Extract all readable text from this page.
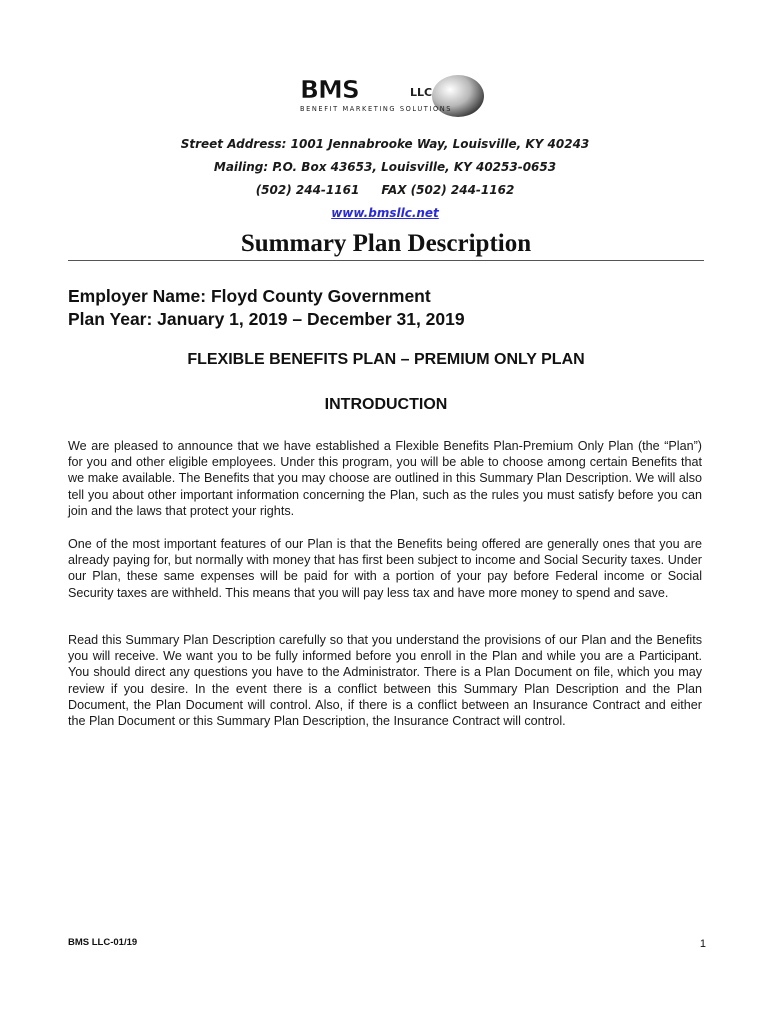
BMS	LLC
BENEFIT MARKETING SOLUTIONS
Street Address: 1001 Jennabrooke Way, Louisville, KY 40243
Mailing: P.O. Box 43653, Louisville, KY 40253-0653
(502) 244-1161 FAX (502) 244-1162
www.bmsllc.net
Summary Plan Description
Employer Name: Floyd County Government
Plan Year: January 1, 2019 – December 31, 2019
FLEXIBLE BENEFITS PLAN – PREMIUM ONLY PLAN
INTRODUCTION

We are pleased to announce that we have established a Flexible Benefits Plan-Premium Only Plan (the “Plan”) for you and other eligible employees. Under this program, you will be able to choose among certain Benefits that we make available. The Benefits that you may choose are outlined in this Summary Plan Description. We will also tell you about other important information concerning the Plan, such as the rules you must satisfy before you can join and the laws that protect your rights.

One of the most important features of our Plan is that the Benefits being offered are generally ones that you are already paying for, but normally with money that has first been subject to income and Social Security taxes. Under our Plan, these same expenses will be paid for with a portion of your pay before Federal income or Social Security taxes are withheld. This means that you will pay less tax and have more money to spend and save.

Read this Summary Plan Description carefully so that you understand the provisions of our Plan and the Benefits you will receive. We want you to be fully informed before you enroll in the Plan and while you are a Participant. You should direct any questions you have to the Administrator. There is a Plan Document on file, which you may review if you desire. In the event there is a conflict between this Summary Plan Description and the Plan Document, the Plan Document will control. Also, if there is a conflict between an Insurance Contract and either the Plan Document or this Summary Plan Description, the Insurance Contract will control.

BMS LLC-01/19	1
